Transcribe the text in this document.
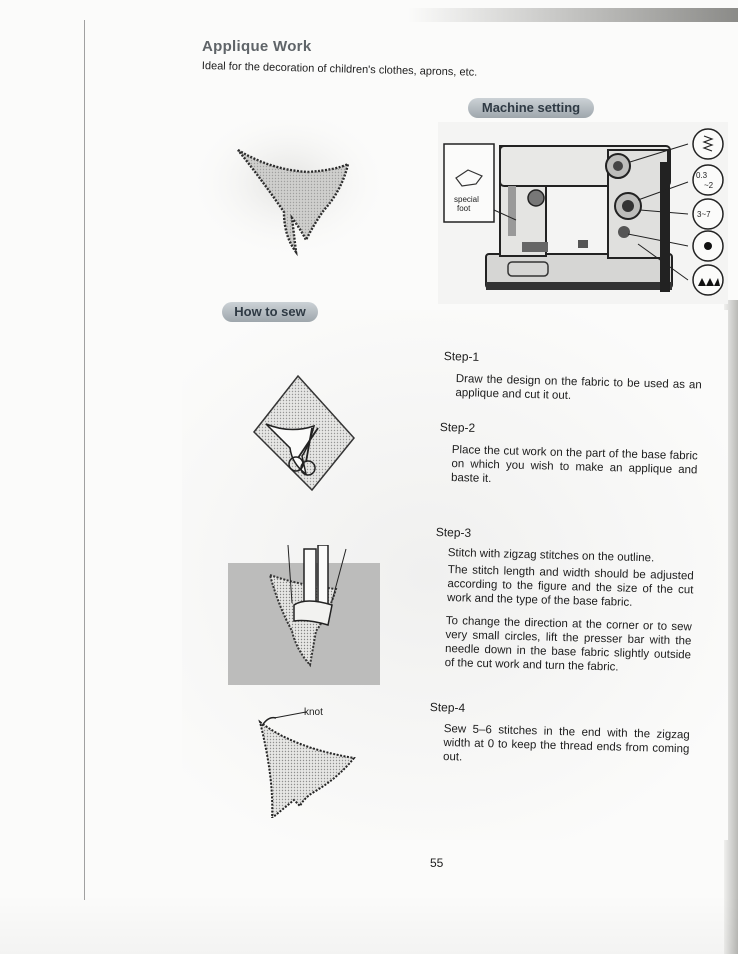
Applique Work
Ideal for the decoration of children's clothes, aprons, etc.
Machine setting
special
foot
0.3
~2
3~7
How to sew
knot
Step-1
Draw the design on the fabric to be used as an applique and cut it out.
Step-2
Place the cut work on the part of the base fabric on which you wish to make an applique and baste it.
Step-3
Stitch with zigzag stitches on the outline.
The stitch length and width should be adjusted according to the figure and the size of the cut work and the type of the base fabric.
To change the direction at the corner or to sew very small circles, lift the presser bar with the needle down in the base fabric slightly outside of the cut work and turn the fabric.
Step-4
Sew 5–6 stitches in the end with the zigzag width at 0 to keep the thread ends from coming out.
55
